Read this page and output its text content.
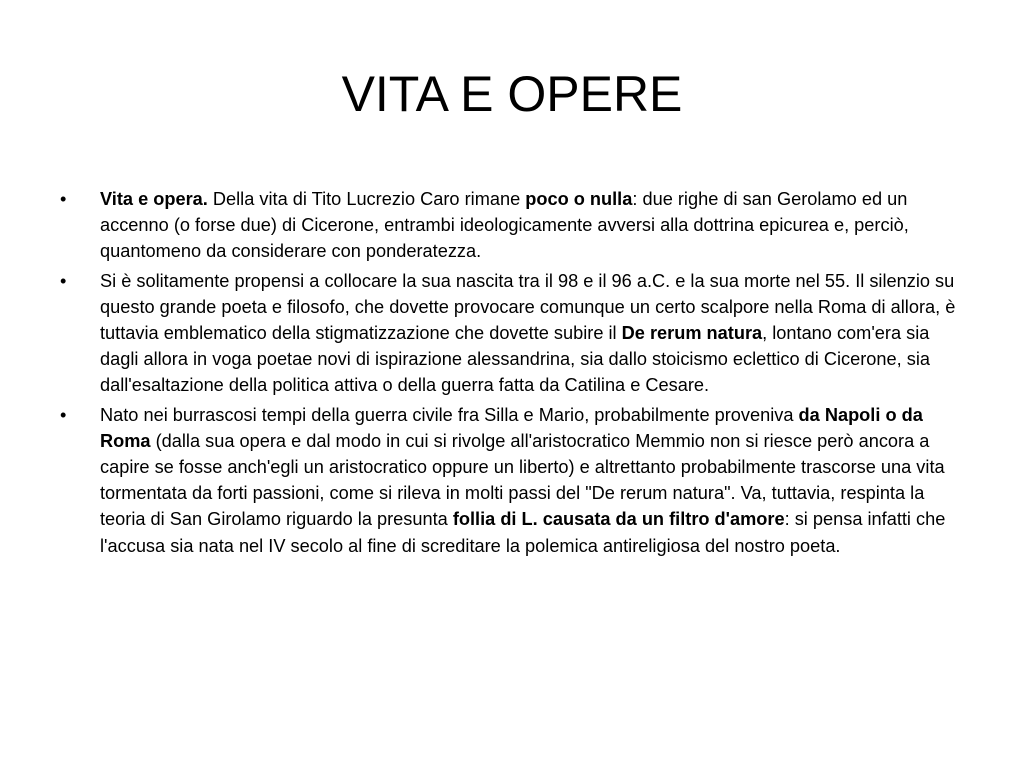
VITA E OPERE
•	Vita e opera. Della vita di Tito Lucrezio Caro rimane poco o nulla: due righe di san Gerolamo ed un accenno (o forse due) di Cicerone, entrambi ideologicamente avversi alla dottrina epicurea e, perciò, quantomeno da considerare con ponderatezza.
•	Si è solitamente propensi a collocare la sua nascita tra il 98 e il 96 a.C. e la sua morte nel 55. Il silenzio su questo grande poeta e filosofo, che dovette provocare comunque un certo scalpore nella Roma di allora, è tuttavia emblematico della stigmatizzazione che dovette subire il De rerum natura, lontano com'era sia dagli allora in voga poetae novi di ispirazione alessandrina, sia dallo stoicismo eclettico di Cicerone, sia dall'esaltazione della politica attiva o della guerra fatta da Catilina e Cesare.
•	Nato nei burrascosi tempi della guerra civile fra Silla e Mario, probabilmente proveniva da Napoli o da Roma (dalla sua opera e dal modo in cui si rivolge all'aristocratico Memmio non si riesce però ancora a capire se fosse anch'egli un aristocratico oppure un liberto) e altrettanto probabilmente trascorse una vita tormentata da forti passioni, come si rileva in molti passi del "De rerum natura". Va, tuttavia, respinta la teoria di San Girolamo riguardo la presunta follia di L. causata da un filtro d'amore: si pensa infatti che l'accusa sia nata nel IV secolo al fine di screditare la polemica antireligiosa del nostro poeta.
